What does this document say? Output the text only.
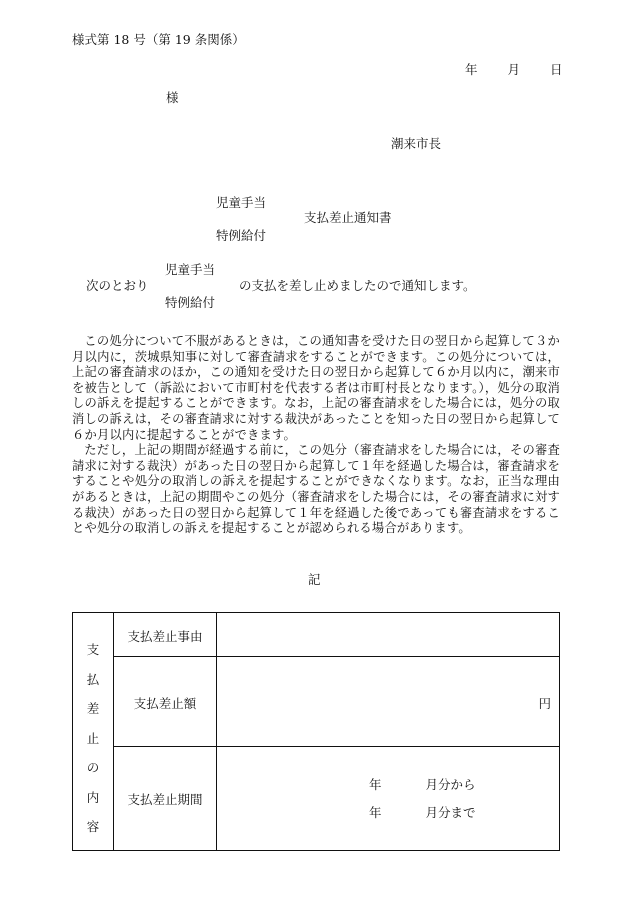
様式第 18 号（第 19 条関係）
年 月 日
様
潮来市長
児童手当
支払差止通知書
特例給付
児童手当
次のとおり	の支払を差し止めましたので通知します。
特例給付

この処分について不服があるときは，この通知書を受けた日の翌日から起算して３か月以内に，茨城県知事に対して審査請求をすることができます。この処分については，上記の審査請求のほか，この通知を受けた日の翌日から起算して６か月以内に，潮来市を被告として（訴訟において市町村を代表する者は市町村長となります。），処分の取消しの訴えを提起することができます。なお，上記の審査請求をした場合には，処分の取消しの訴えは，その審査請求に対する裁決があったことを知った日の翌日から起算して６か月以内に提起することができます。

ただし，上記の期間が経過する前に，この処分（審査請求をした場合には，その審査請求に対する裁決）があった日の翌日から起算して１年を経過した場合は，審査請求をすることや処分の取消しの訴えを提起することができなくなります。なお，正当な理由があるときは，上記の期間やこの処分（審査請求をした場合には，その審査請求に対する裁決）があった日の翌日から起算して１年を経過した後であっても審査請求をすることや処分の取消しの訴えを提起することが認められる場合があります。

記
支
払
差
止
の
内
容
支払差止事由
支払差止額	円
支払差止期間
年	月分から
年	月分まで
